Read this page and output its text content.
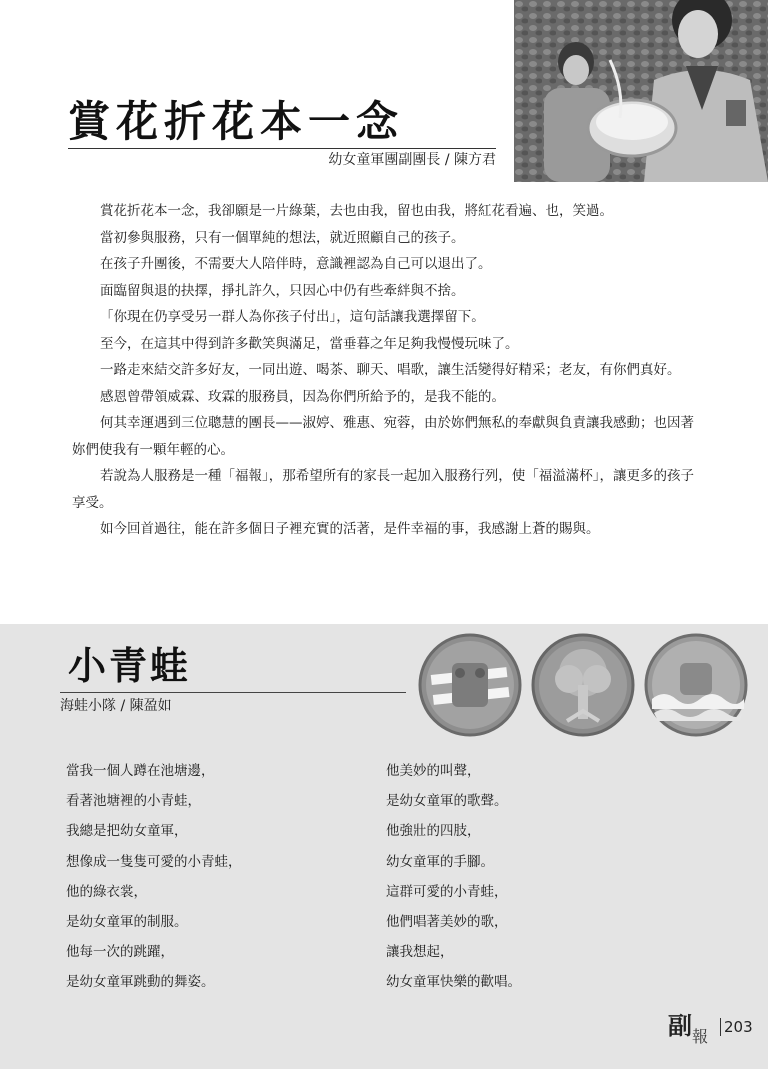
賞花折花本一念
幼女童軍團副團長 / 陳方君

賞花折花本一念，我卻願是一片綠葉，去也由我，留也由我，將紅花看遍、也，笑過。

當初參與服務，只有一個單純的想法，就近照顧自己的孩子。

在孩子升團後，不需要大人陪伴時，意識裡認為自己可以退出了。

面臨留與退的抉擇，掙扎許久，只因心中仍有些牽絆與不捨。

「你現在仍享受另一群人為你孩子付出」，這句話讓我選擇留下。

至今，在這其中得到許多歡笑與滿足，當垂暮之年足夠我慢慢玩味了。

一路走來結交許多好友，一同出遊、喝茶、聊天、唱歌，讓生活變得好精采；老友，有你們真好。

感恩曾帶領威霖、玫霖的服務員，因為你們所給予的，是我不能的。

何其幸運遇到三位聰慧的團長——淑婷、雅惠、宛蓉，由於妳們無私的奉獻與負責讓我感動；也因著妳們使我有一顆年輕的心。

若說為人服務是一種「福報」，那希望所有的家長一起加入服務行列，使「福溢滿杯」，讓更多的孩子享受。

如今回首過往，能在許多個日子裡充實的活著，是件幸福的事，我感謝上蒼的賜與。

小青蛙
海蛙小隊 / 陳盈如
當我一個人蹲在池塘邊，
看著池塘裡的小青蛙，
我總是把幼女童軍，
想像成一隻隻可愛的小青蛙，
他的綠衣裳，
是幼女童軍的制服。
他每一次的跳躍，
是幼女童軍跳動的舞姿。
他美妙的叫聲，
是幼女童軍的歌聲。
他強壯的四肢，
幼女童軍的手腳。
這群可愛的小青蛙，
他們唱著美妙的歌，
讓我想起，
幼女童軍快樂的歡唱。
副 報 203
